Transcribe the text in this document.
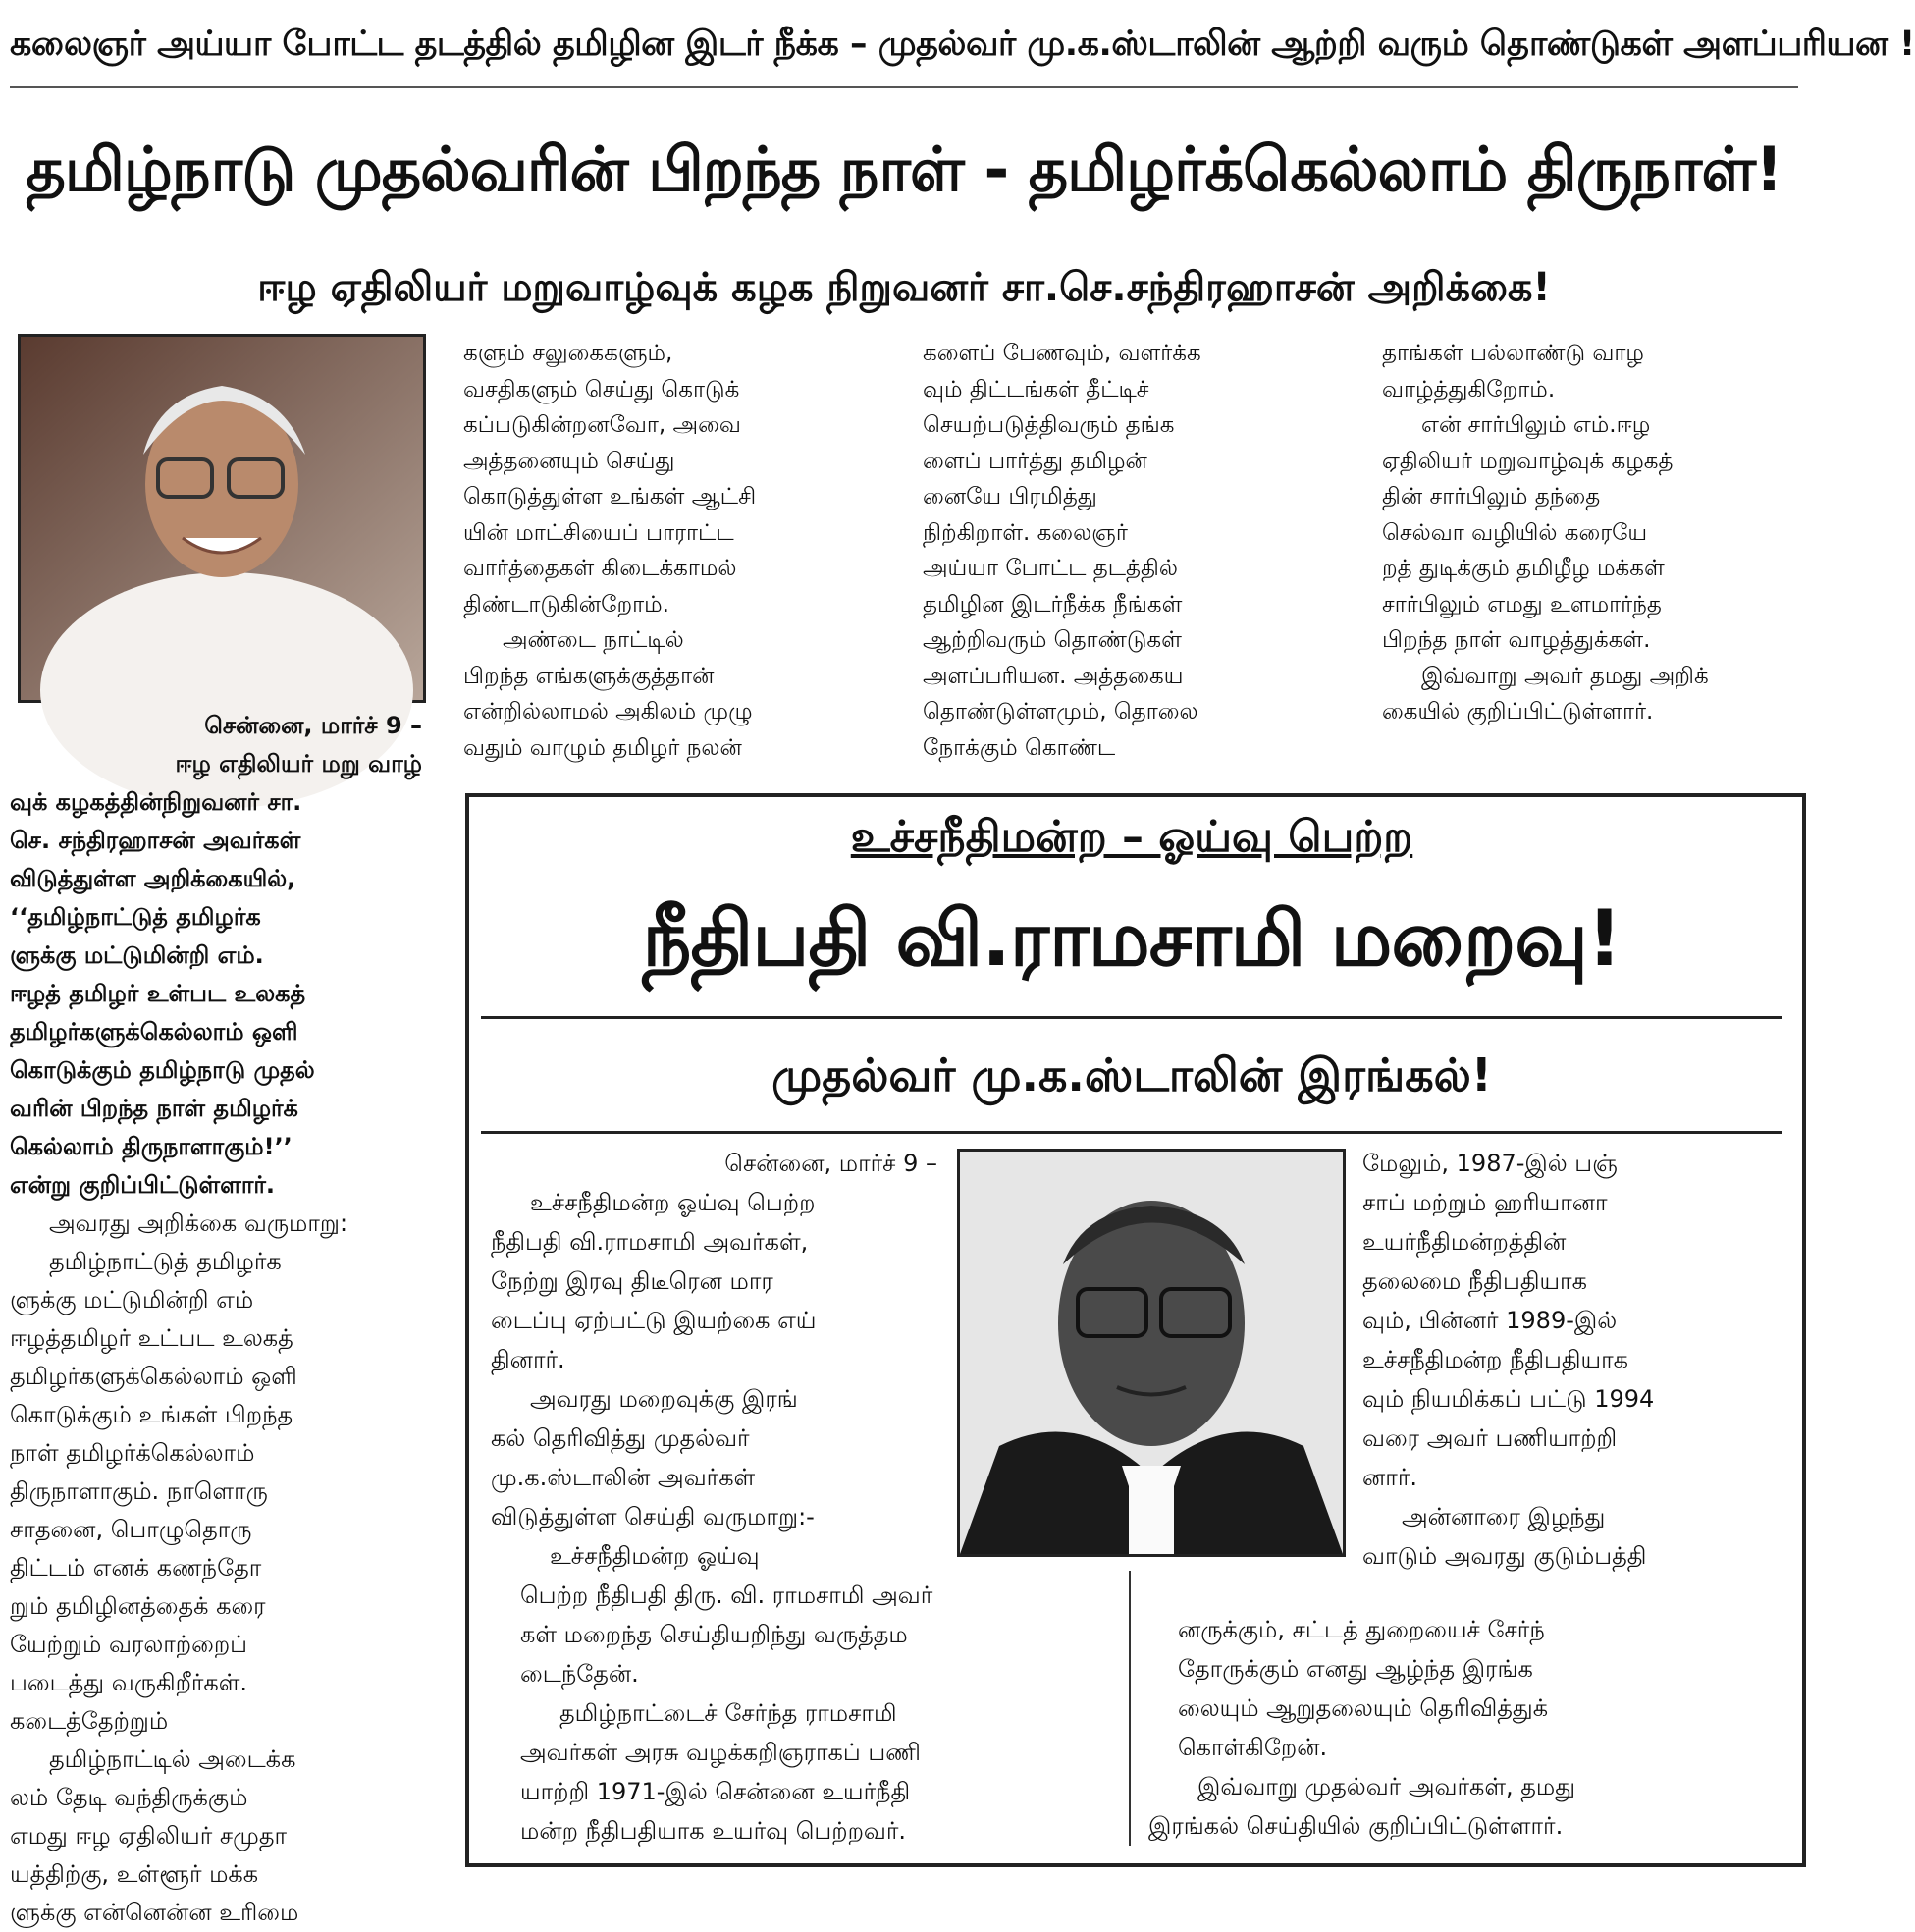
கலைஞர் அய்யா போட்ட தடத்தில் தமிழின இடர் நீக்க – முதல்வர் மு.க.ஸ்டாலின் ஆற்றி வரும் தொண்டுகள் அளப்பரியன !
தமிழ்நாடு முதல்வரின் பிறந்த நாள் - தமிழர்க்கெல்லாம் திருநாள்!
ஈழ ஏதிலியர் மறுவாழ்வுக் கழக நிறுவனர் சா.செ.சந்திரஹாசன் அறிக்கை!
சென்னை, மார்ச் 9 –
ஈழ எதிலியர் மறு வாழ்
வுக் கழகத்தின்நிறுவனர் சா.
செ. சந்திரஹாசன் அவர்கள்
விடுத்துள்ள அறிக்கையில்,
‘‘தமிழ்நாட்டுத் தமிழர்க
ளுக்கு மட்டுமின்றி எம்.
ஈழத் தமிழர் உள்பட உலகத்
தமிழர்களுக்கெல்லாம் ஒளி
கொடுக்கும் தமிழ்நாடு முதல்
வரின் பிறந்த நாள் தமிழர்க்
கெல்லாம் திருநாளாகும்!’’
என்று குறிப்பிட்டுள்ளார்.
அவரது அறிக்கை வருமாறு:
தமிழ்நாட்டுத் தமிழர்க
ளுக்கு மட்டுமின்றி எம்
ஈழத்தமிழர் உட்பட உலகத்
தமிழர்களுக்கெல்லாம் ஒளி
கொடுக்கும் உங்கள் பிறந்த
நாள் தமிழர்க்கெல்லாம்
திருநாளாகும். நாளொரு
சாதனை, பொழுதொரு
திட்டம் எனக் கணந்தோ
றும் தமிழினத்தைக் கரை
யேற்றும் வரலாற்றைப்
படைத்து வருகிறீர்கள்.
கடைத்தேற்றும்
தமிழ்நாட்டில் அடைக்க
லம் தேடி வந்திருக்கும்
எமது ஈழ ஏதிலியர் சமுதா
யத்திற்கு, உள்ளூர் மக்க
ளுக்கு என்னென்ன உரிமை
களும் சலுகைகளும்,
வசதிகளும் செய்து கொடுக்
கப்படுகின்றனவோ, அவை
அத்தனையும் செய்து
கொடுத்துள்ள உங்கள் ஆட்சி
யின் மாட்சியைப் பாராட்ட
வார்த்தைகள் கிடைக்காமல்
திண்டாடுகின்றோம்.
அண்டை நாட்டில்
பிறந்த எங்களுக்குத்தான்
என்றில்லாமல் அகிலம் முழு
வதும் வாழும் தமிழர் நலன்
களைப் பேணவும், வளர்க்க
வும் திட்டங்கள் தீட்டிச்
செயற்படுத்திவரும் தங்க
ளைப் பார்த்து தமிழன்
னையே பிரமித்து
நிற்கிறாள். கலைஞர்
அய்யா போட்ட தடத்தில்
தமிழின இடர்நீக்க நீங்கள்
ஆற்றிவரும் தொண்டுகள்
அளப்பரியன. அத்தகைய
தொண்டுள்ளமும், தொலை
நோக்கும் கொண்ட
தாங்கள் பல்லாண்டு வாழ
வாழ்த்துகிறோம்.
என் சார்பிலும் எம்.ஈழ
ஏதிலியர் மறுவாழ்வுக் கழகத்
தின் சார்பிலும் தந்தை
செல்வா வழியில் கரையே
றத் துடிக்கும் தமிழீழ மக்கள்
சார்பிலும் எமது உளமார்ந்த
பிறந்த நாள் வாழத்துக்கள்.
இவ்வாறு அவர் தமது அறிக்
கையில் குறிப்பிட்டுள்ளார்.
உச்சநீதிமன்ற – ஓய்வு பெற்ற
நீதிபதி வி.ராமசாமி மறைவு!
முதல்வர் மு.க.ஸ்டாலின் இரங்கல்!
சென்னை, மார்ச் 9 –
உச்சநீதிமன்ற ஓய்வு பெற்ற
நீதிபதி வி.ராமசாமி அவர்கள்,
நேற்று இரவு திடீரென மார
டைப்பு ஏற்பட்டு இயற்கை எய்
தினார்.
அவரது மறைவுக்கு இரங்
கல் தெரிவித்து முதல்வர்
மு.க.ஸ்டாலின் அவர்கள்
விடுத்துள்ள செய்தி வருமாறு:-
உச்சநீதிமன்ற ஓய்வு
பெற்ற நீதிபதி திரு. வி. ராமசாமி அவர்
கள் மறைந்த செய்தியறிந்து வருத்தம
டைந்தேன்.
தமிழ்நாட்டைச் சேர்ந்த ராமசாமி
அவர்கள் அரசு வழக்கறிஞராகப் பணி
யாற்றி 1971-இல் சென்னை உயர்நீதி
மன்ற நீதிபதியாக உயர்வு பெற்றவர்.
மேலும், 1987-இல் பஞ்
சாப் மற்றும் ஹரியானா
உயர்நீதிமன்றத்தின்
தலைமை நீதிபதியாக
வும், பின்னர் 1989-இல்
உச்சநீதிமன்ற நீதிபதியாக
வும் நியமிக்கப் பட்டு 1994
வரை அவர் பணியாற்றி
னார்.
அன்னாரை இழந்து
வாடும் அவரது குடும்பத்தி
னருக்கும், சட்டத் துறையைச் சேர்ந்
தோருக்கும் எனது ஆழ்ந்த இரங்க
லையும் ஆறுதலையும் தெரிவித்துக்
கொள்கிறேன்.
இவ்வாறு முதல்வர் அவர்கள், தமது
இரங்கல் செய்தியில் குறிப்பிட்டுள்ளார்.
